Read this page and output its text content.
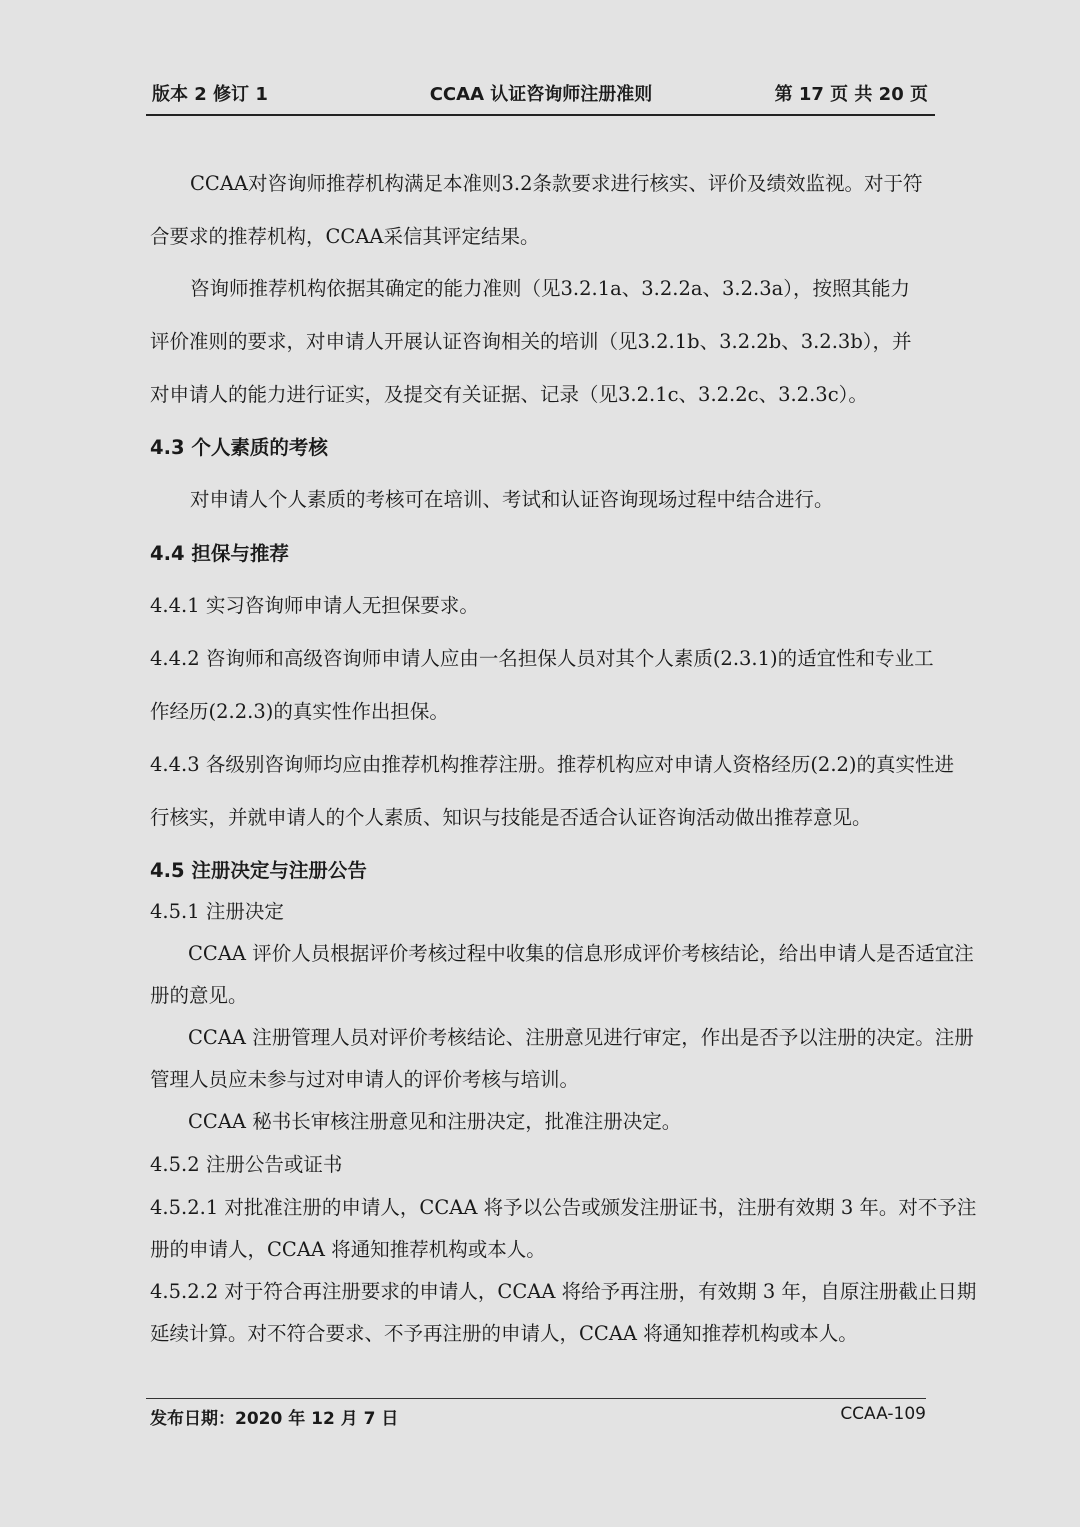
版本 2 修订 1	CCAA 认证咨询师注册准则	第 17 页 共 20 页
CCAA对咨询师推荐机构满足本准则3.2条款要求进行核实、评价及绩效监视。对于符
合要求的推荐机构，CCAA采信其评定结果。
咨询师推荐机构依据其确定的能力准则（见3.2.1a、3.2.2a、3.2.3a），按照其能力
评价准则的要求，对申请人开展认证咨询相关的培训（见3.2.1b、3.2.2b、3.2.3b），并
对申请人的能力进行证实，及提交有关证据、记录（见3.2.1c、3.2.2c、3.2.3c）。
4.3 个人素质的考核
对申请人个人素质的考核可在培训、考试和认证咨询现场过程中结合进行。
4.4 担保与推荐
4.4.1 实习咨询师申请人无担保要求。
4.4.2 咨询师和高级咨询师申请人应由一名担保人员对其个人素质(2.3.1)的适宜性和专业工
作经历(2.2.3)的真实性作出担保。
4.4.3 各级别咨询师均应由推荐机构推荐注册。推荐机构应对申请人资格经历(2.2)的真实性进
行核实，并就申请人的个人素质、知识与技能是否适合认证咨询活动做出推荐意见。
4.5 注册决定与注册公告
4.5.1 注册决定
CCAA 评价人员根据评价考核过程中收集的信息形成评价考核结论，给出申请人是否适宜注
册的意见。
CCAA 注册管理人员对评价考核结论、注册意见进行审定，作出是否予以注册的决定。注册
管理人员应未参与过对申请人的评价考核与培训。
CCAA 秘书长审核注册意见和注册决定，批准注册决定。
4.5.2 注册公告或证书
4.5.2.1 对批准注册的申请人，CCAA 将予以公告或颁发注册证书，注册有效期 3 年。对不予注
册的申请人，CCAA 将通知推荐机构或本人。
4.5.2.2 对于符合再注册要求的申请人，CCAA 将给予再注册，有效期 3 年，自原注册截止日期
延续计算。对不符合要求、不予再注册的申请人，CCAA 将通知推荐机构或本人。
发布日期：2020 年 12 月 7 日	CCAA-109
